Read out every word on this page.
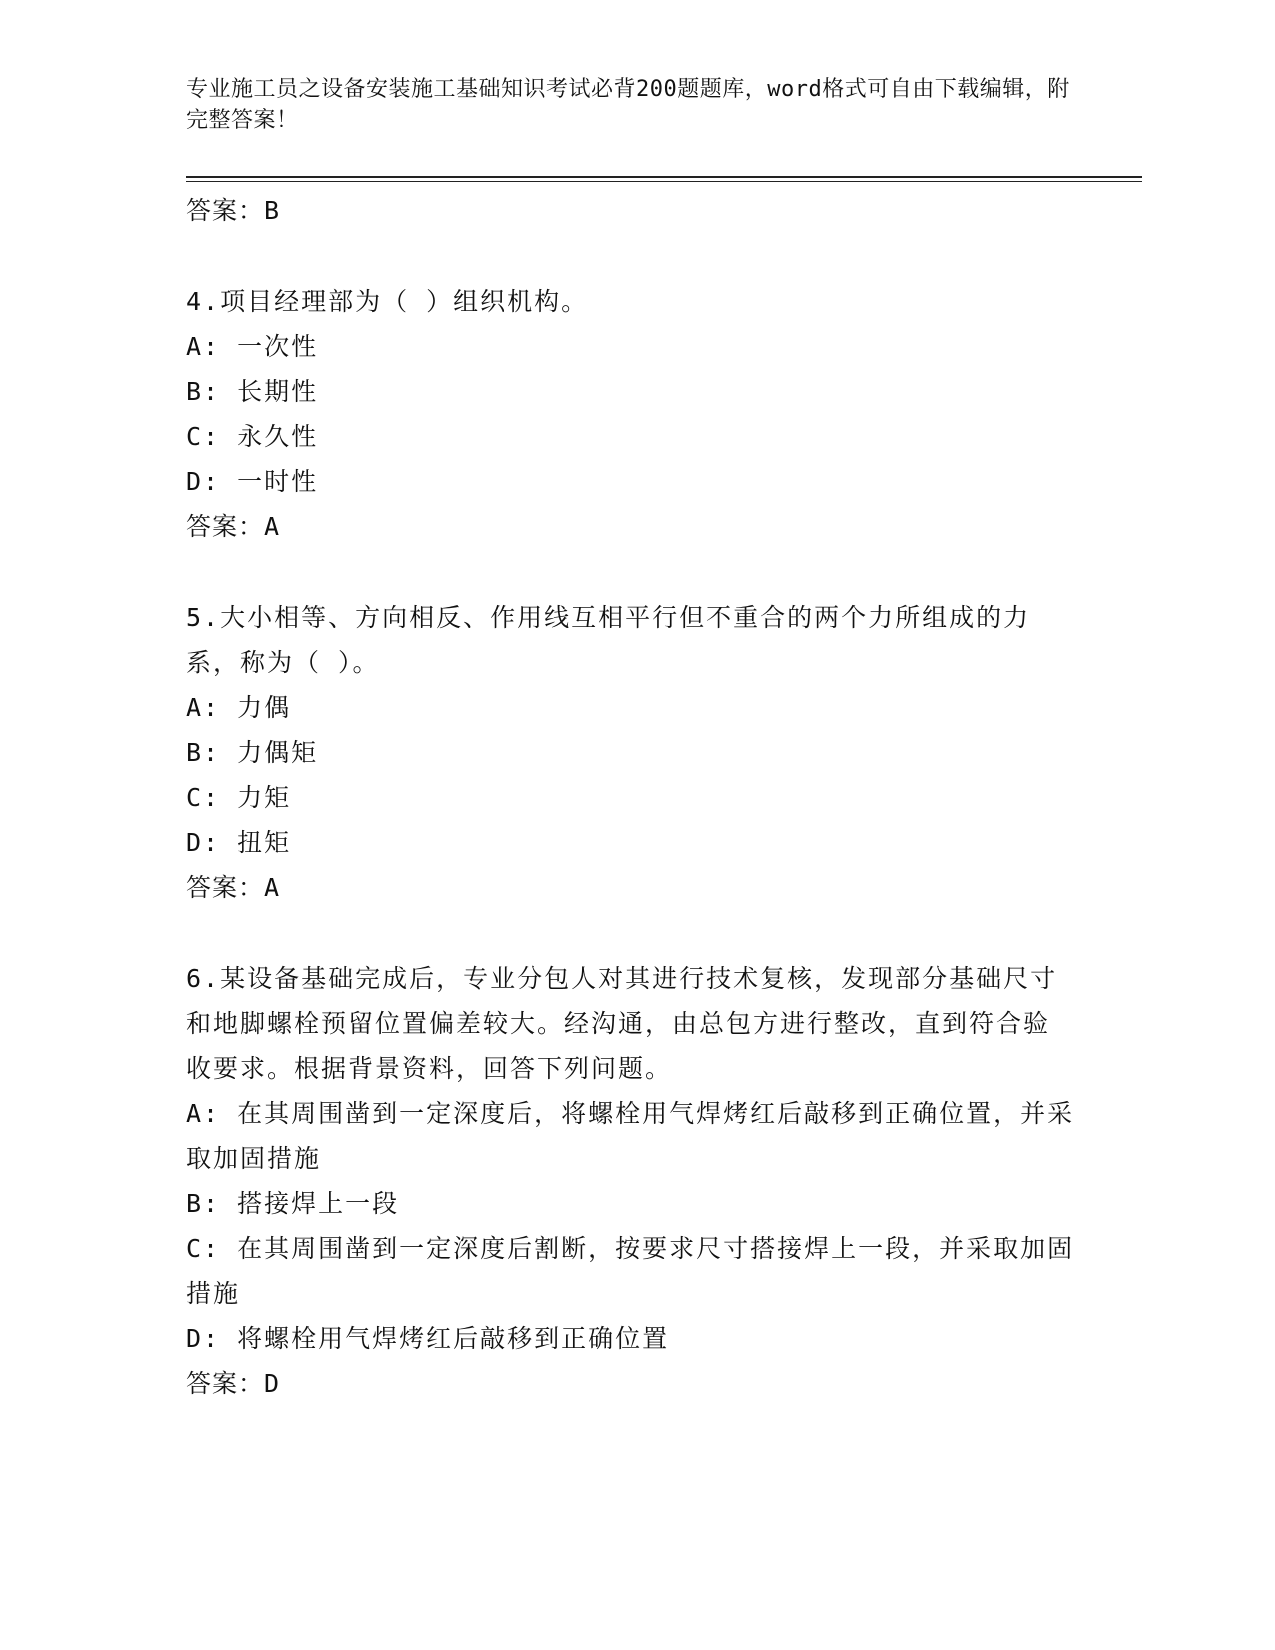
专业施工员之设备安装施工基础知识考试必背200题题库，word格式可自由下载编辑，附完整答案！
答案：B
4.项目经理部为（ ）组织机构。
A: 一次性
B: 长期性
C: 永久性
D: 一时性
答案：A
5.大小相等、方向相反、作用线互相平行但不重合的两个力所组成的力系，称为（ ）。
A: 力偶
B: 力偶矩
C: 力矩
D: 扭矩
答案：A
6.某设备基础完成后，专业分包人对其进行技术复核，发现部分基础尺寸和地脚螺栓预留位置偏差较大。经沟通，由总包方进行整改，直到符合验收要求。根据背景资料，回答下列问题。
A: 在其周围凿到一定深度后，将螺栓用气焊烤红后敲移到正确位置，并采取加固措施
B: 搭接焊上一段
C: 在其周围凿到一定深度后割断，按要求尺寸搭接焊上一段，并采取加固措施
D: 将螺栓用气焊烤红后敲移到正确位置
答案：D
